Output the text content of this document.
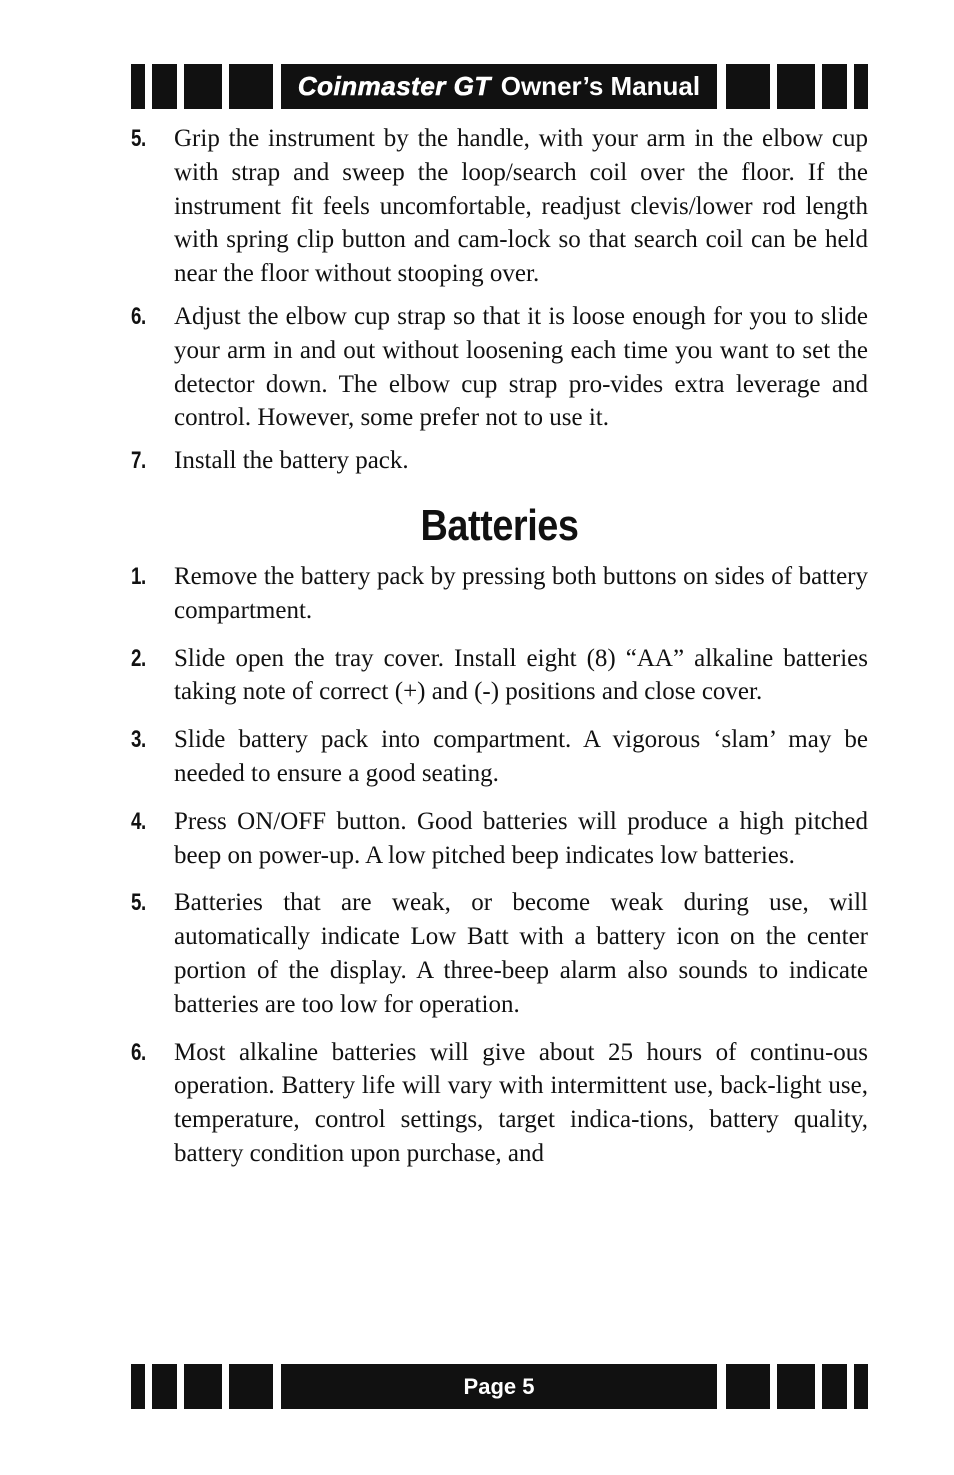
Coinmaster GT Owner’s Manual
5. Grip the instrument by the handle, with your arm in the elbow cup with strap and sweep the loop/search coil over the floor. If the instrument fit feels uncomfortable, readjust clevis/lower rod length with spring clip button and cam-lock so that search coil can be held near the floor without stooping over.
6. Adjust the elbow cup strap so that it is loose enough for you to slide your arm in and out without loosening each time you want to set the detector down. The elbow cup strap pro-vides extra leverage and control. However, some prefer not to use it.
7. Install the battery pack.
Batteries
1. Remove the battery pack by pressing both buttons on sides of battery compartment.
2. Slide open the tray cover. Install eight (8) “AA” alkaline batteries taking note of correct (+) and (-) positions and close cover.
3. Slide battery pack into compartment. A vigorous ‘slam’ may be needed to ensure a good seating.
4. Press ON/OFF button. Good batteries will produce a high pitched beep on power-up. A low pitched beep indicates low batteries.
5. Batteries that are weak, or become weak during use, will automatically indicate Low Batt with a battery icon on the center portion of the display. A three-beep alarm also sounds to indicate batteries are too low for operation.
6. Most alkaline batteries will give about 25 hours of continu-ous operation. Battery life will vary with intermittent use, back-light use, temperature, control settings, target indica-tions, battery quality, battery condition upon purchase, and
Page 5
